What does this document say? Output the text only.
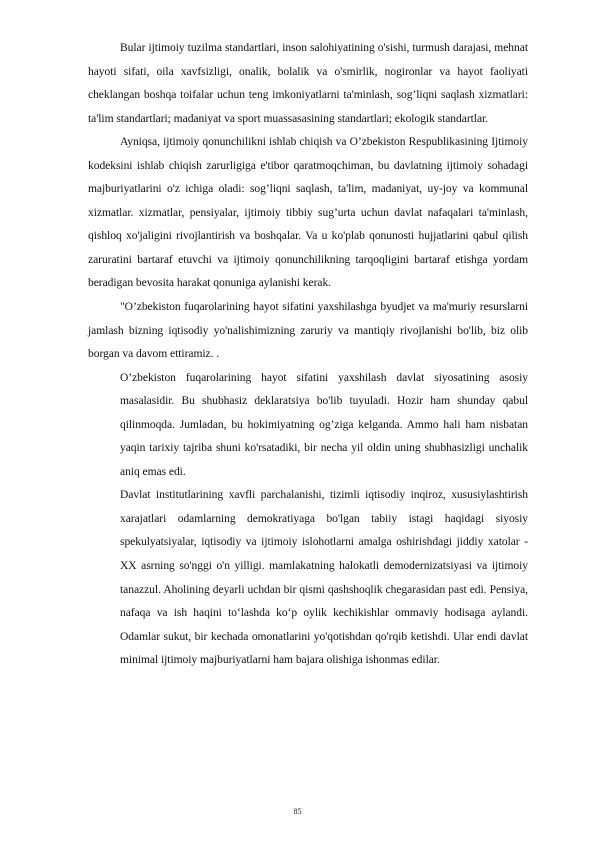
Bular ijtimoiy tuzilma standartlari, inson salohiyatining o'sishi, turmush darajasi, mehnat hayoti sifati, oila xavfsizligi, onalik, bolalik va o'smirlik, nogironlar va hayot faoliyati cheklangan boshqa toifalar uchun teng imkoniyatlarni ta'minlash, sog’liqni saqlash xizmatlari: ta'lim standartlari; madaniyat va sport muassasasining standartlari; ekologik standartlar.

Ayniqsa, ijtimoiy qonunchilikni ishlab chiqish va O’zbekiston Respublikasining Ijtimoiy kodeksini ishlab chiqish zarurligiga e'tibor qaratmoqchiman, bu davlatning ijtimoiy sohadagi majburiyatlarini o'z ichiga oladi: sog’liqni saqlash, ta'lim, madaniyat, uy-joy va kommunal xizmatlar. xizmatlar, pensiyalar, ijtimoiy tibbiy sug’urta uchun davlat nafaqalari ta'minlash, qishloq xo'jaligini rivojlantirish va boshqalar. Va u ko'plab qonunosti hujjatlarini qabul qilish zaruratini bartaraf etuvchi va ijtimoiy qonunchilikning tarqoqligini bartaraf etishga yordam beradigan bevosita harakat qonuniga aylanishi kerak.

"O’zbekiston fuqarolarining hayot sifatini yaxshilashga byudjet va ma'muriy resurslarni jamlash bizning iqtisodiy yo'nalishimizning zaruriy va mantiqiy rivojlanishi bo'lib, biz olib borgan va davom ettiramiz. .

O’zbekiston fuqarolarining hayot sifatini yaxshilash davlat siyosatining asosiy masalasidir. Bu shubhasiz deklaratsiya bo'lib tuyuladi. Hozir ham shunday qabul qilinmoqda. Jumladan, bu hokimiyatning og’ziga kelganda. Ammo hali ham nisbatan yaqin tarixiy tajriba shuni ko'rsatadiki, bir necha yil oldin uning shubhasizligi unchalik aniq emas edi.

Davlat institutlarining xavfli parchalanishi, tizimli iqtisodiy inqiroz, xususiylashtirish xarajatlari odamlarning demokratiyaga bo'lgan tabiiy istagi haqidagi siyosiy spekulyatsiyalar, iqtisodiy va ijtimoiy islohotlarni amalga oshirishdagi jiddiy xatolar - XX asrning so'nggi o'n yilligi. mamlakatning halokatli demodernizatsiyasi va ijtimoiy tanazzul. Aholining deyarli uchdan bir qismi qashshoqlik chegarasidan past edi. Pensiya, nafaqa va ish haqini to‘lashda ko‘p oylik kechikishlar ommaviy hodisaga aylandi. Odamlar sukut, bir kechada omonatlarini yo'qotishdan qo'rqib ketishdi. Ular endi davlat minimal ijtimoiy majburiyatlarni ham bajara olishiga ishonmas edilar.

85
